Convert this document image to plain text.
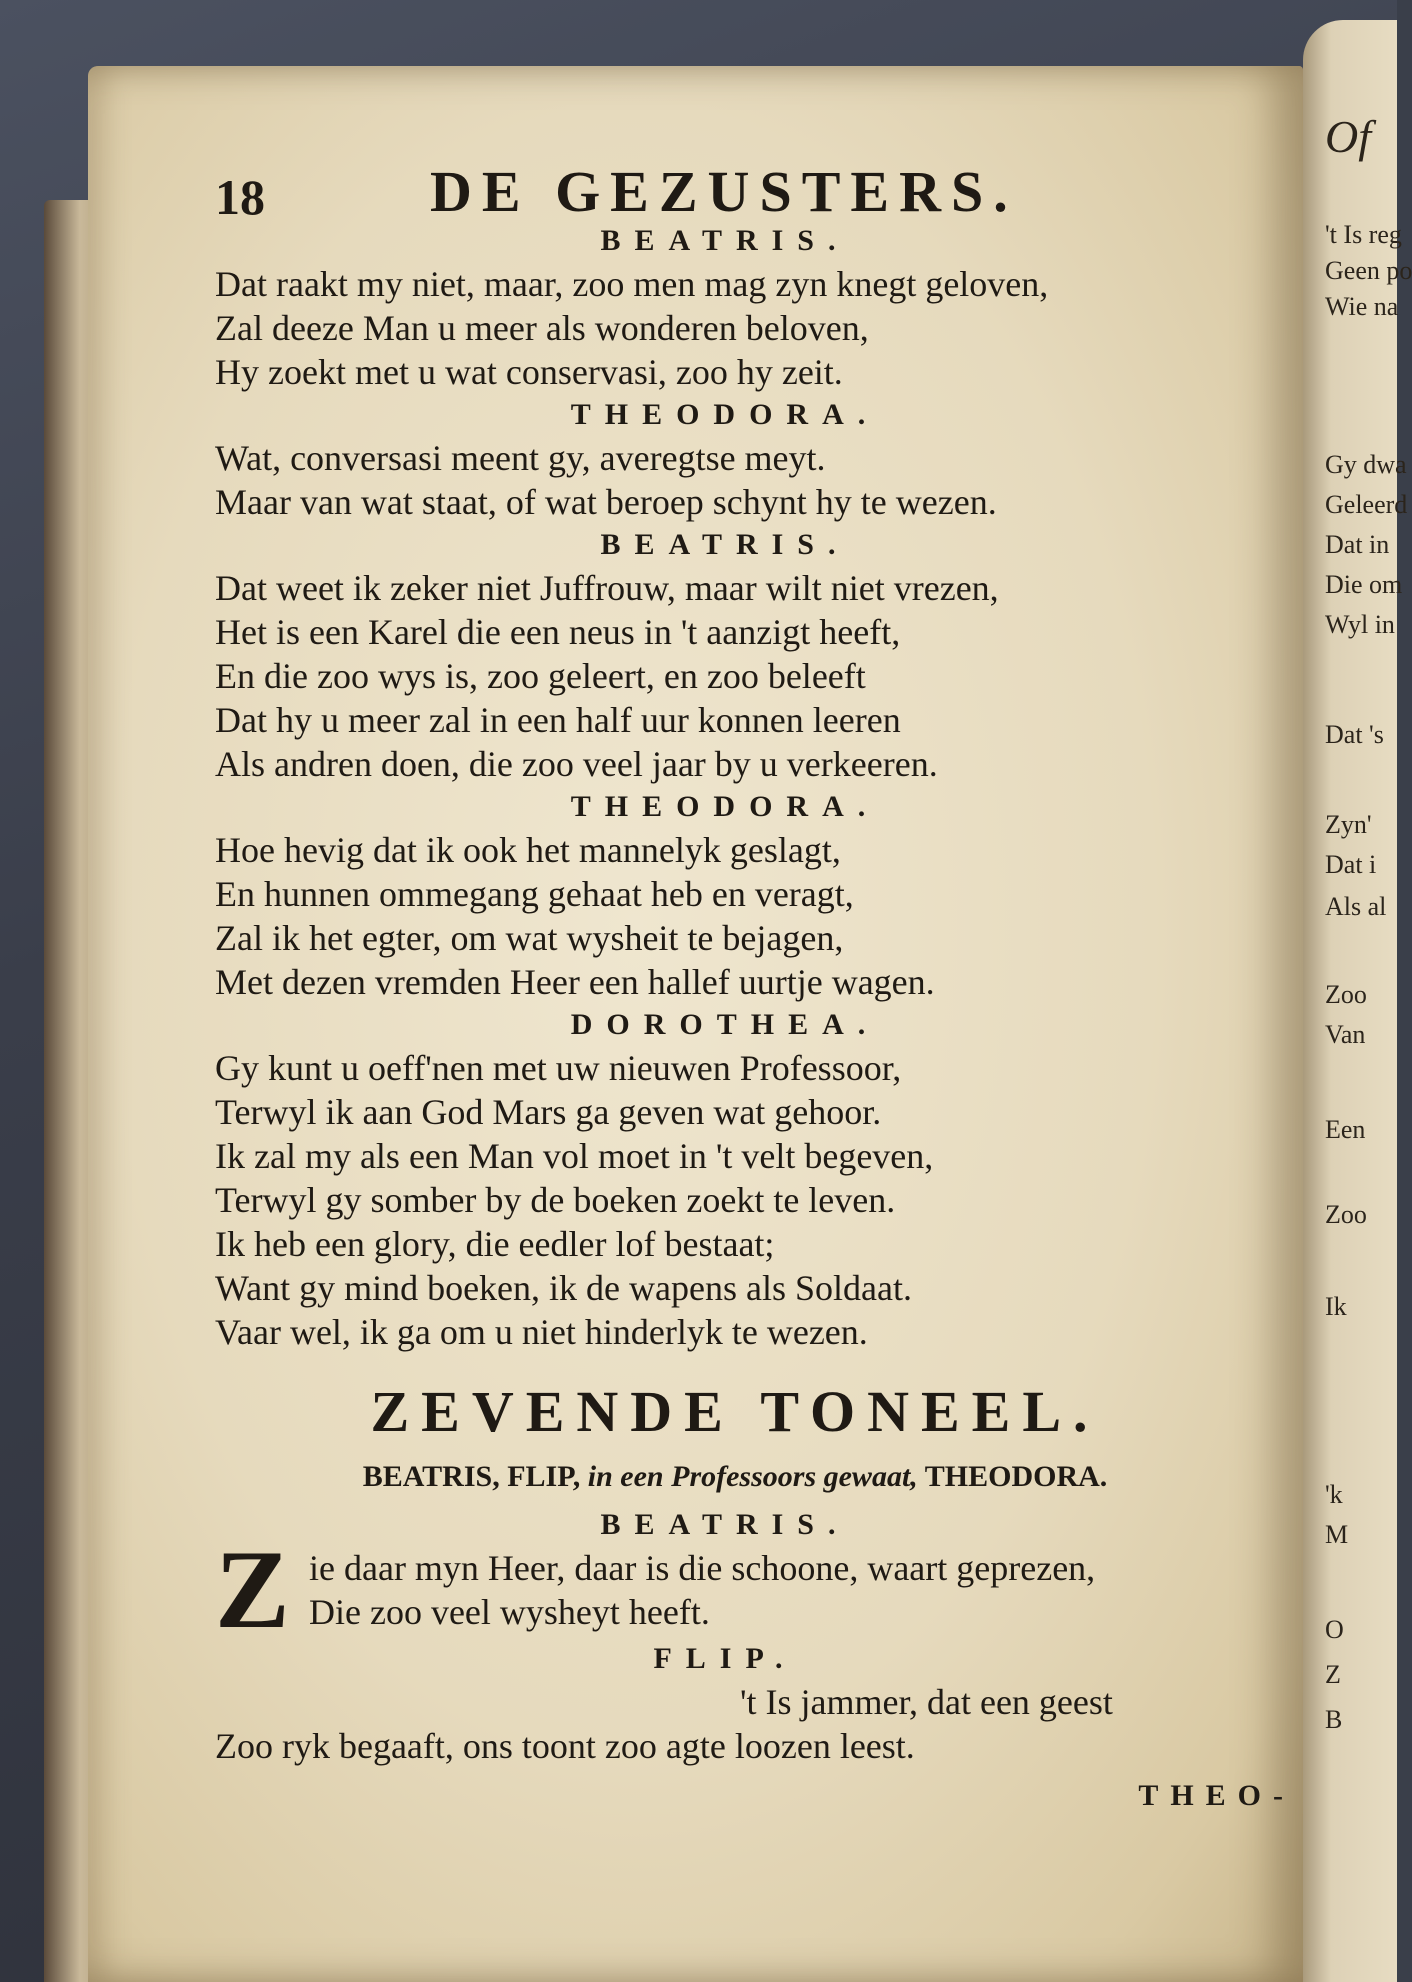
Of
't Is reg
Geen po
Wie na
Gy dwa
Geleerd
Dat in
Die om
Wyl in
Dat 's
Zyn'
Dat i
Als al
Zoo
Van
Een
Zoo
Ik
'k
M
O
Z
B
18	DE GEZUSTERS.
BEATRIS.
Dat raakt my niet, maar, zoo men mag zyn knegt geloven,
Zal deeze Man u meer als wonderen beloven,
Hy zoekt met u wat conservasi, zoo hy zeit.
THEODORA.
Wat, conversasi meent gy, averegtse meyt.
Maar van wat staat, of wat beroep schynt hy te wezen.
BEATRIS.
Dat weet ik zeker niet Juffrouw, maar wilt niet vrezen,
Het is een Karel die een neus in 't aanzigt heeft,
En die zoo wys is, zoo geleert, en zoo beleeft
Dat hy u meer zal in een half uur konnen leeren
Als andren doen, die zoo veel jaar by u verkeeren.
THEODORA.
Hoe hevig dat ik ook het mannelyk geslagt,
En hunnen ommegang gehaat heb en veragt,
Zal ik het egter, om wat wysheit te bejagen,
Met dezen vremden Heer een hallef uurtje wagen.
DOROTHEA.
Gy kunt u oeff'nen met uw nieuwen Professoor,
Terwyl ik aan God Mars ga geven wat gehoor.
Ik zal my als een Man vol moet in 't velt begeven,
Terwyl gy somber by de boeken zoekt te leven.
Ik heb een glory, die eedler lof bestaat;
Want gy mind boeken, ik de wapens als Soldaat.
Vaar wel, ik ga om u niet hinderlyk te wezen.
ZEVENDE TONEEL.
BEATRIS, FLIP, in een Professoors gewaat, THEODORA.
BEATRIS.
Z ie daar myn Heer, daar is die schoone, waart geprezen,
Die zoo veel wysheyt heeft.
FLIP.
't Is jammer, dat een geest
Zoo ryk begaaft, ons toont zoo agte loozen leest.
THEO-
